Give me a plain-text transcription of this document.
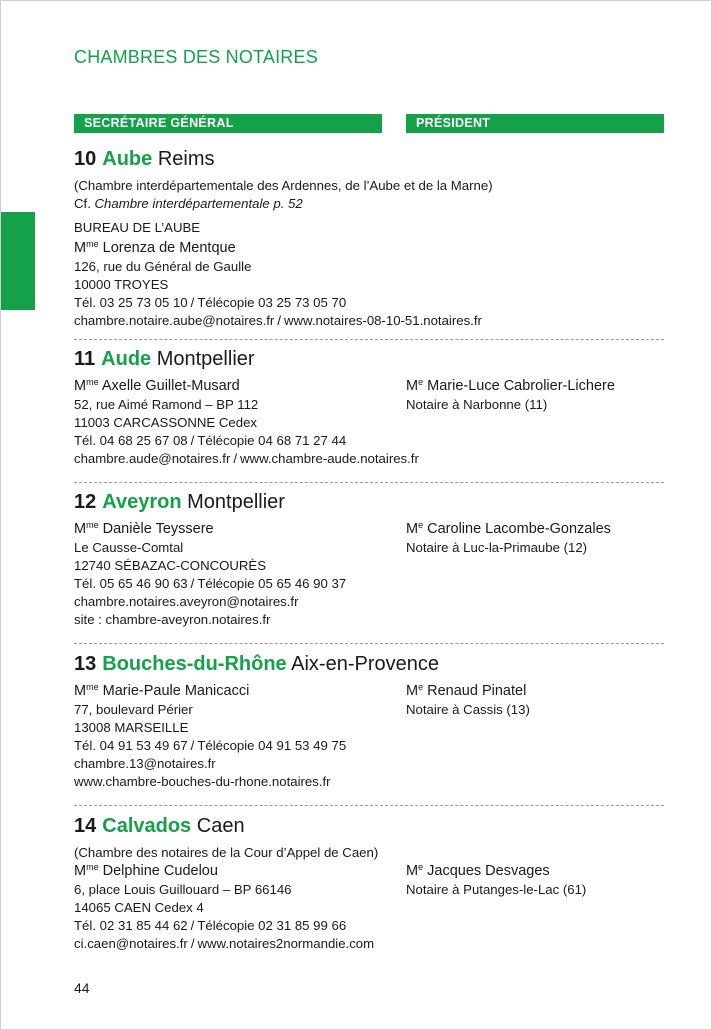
CHAMBRES DES NOTAIRES
SECRÉTAIRE GÉNÉRAL	PRÉSIDENT
10 Aube Reims
(Chambre interdépartementale des Ardennes, de l’Aube et de la Marne)
Cf. Chambre interdépartementale p. 52
BUREAU DE L’AUBE
$M^{me}$ Lorenza de Mentque
126, rue du Général de Gaulle
10000 TROYES
Tél. 03 25 73 05 10 / Télécopie 03 25 73 05 70
chambre.notaire.aube@notaires.fr / www.notaires-08-10-51.notaires.fr
11 Aude Montpellier
$M^{me}$ Axelle Guillet-Musard
52, rue Aimé Ramond – BP 112
11003 CARCASSONNE Cedex
Tél. 04 68 25 67 08 / Télécopie 04 68 71 27 44
chambre.aude@notaires.fr / www.chambre-aude.notaires.fr
Me Marie-Luce Cabrolier-Lichere
Notaire à Narbonne (11)
12 Aveyron Montpellier
$M^{me}$ Danièle Teyssere
Le Causse-Comtal
12740 SÉBAZAC-CONCOURÈS
Tél. 05 65 46 90 63 / Télécopie 05 65 46 90 37
chambre.notaires.aveyron@notaires.fr
site : chambre-aveyron.notaires.fr
Me Caroline Lacombe-Gonzales
Notaire à Luc-la-Primaube (12)
13 Bouches-du-Rhône Aix-en-Provence
$M^{me}$ Marie-Paule Manicacci
77, boulevard Périer
13008 MARSEILLE
Tél. 04 91 53 49 67 / Télécopie 04 91 53 49 75
chambre.13@notaires.fr
www.chambre-bouches-du-rhone.notaires.fr
Me Renaud Pinatel
Notaire à Cassis (13)
14 Calvados Caen
(Chambre des notaires de la Cour d’Appel de Caen)
$M^{me}$ Delphine Cudelou
6, place Louis Guillouard – BP 66146
14065 CAEN Cedex 4
Tél. 02 31 85 44 62 / Télécopie 02 31 85 99 66
ci.caen@notaires.fr / www.notaires2normandie.com
Me Jacques Desvages
Notaire à Putanges-le-Lac (61)
44
